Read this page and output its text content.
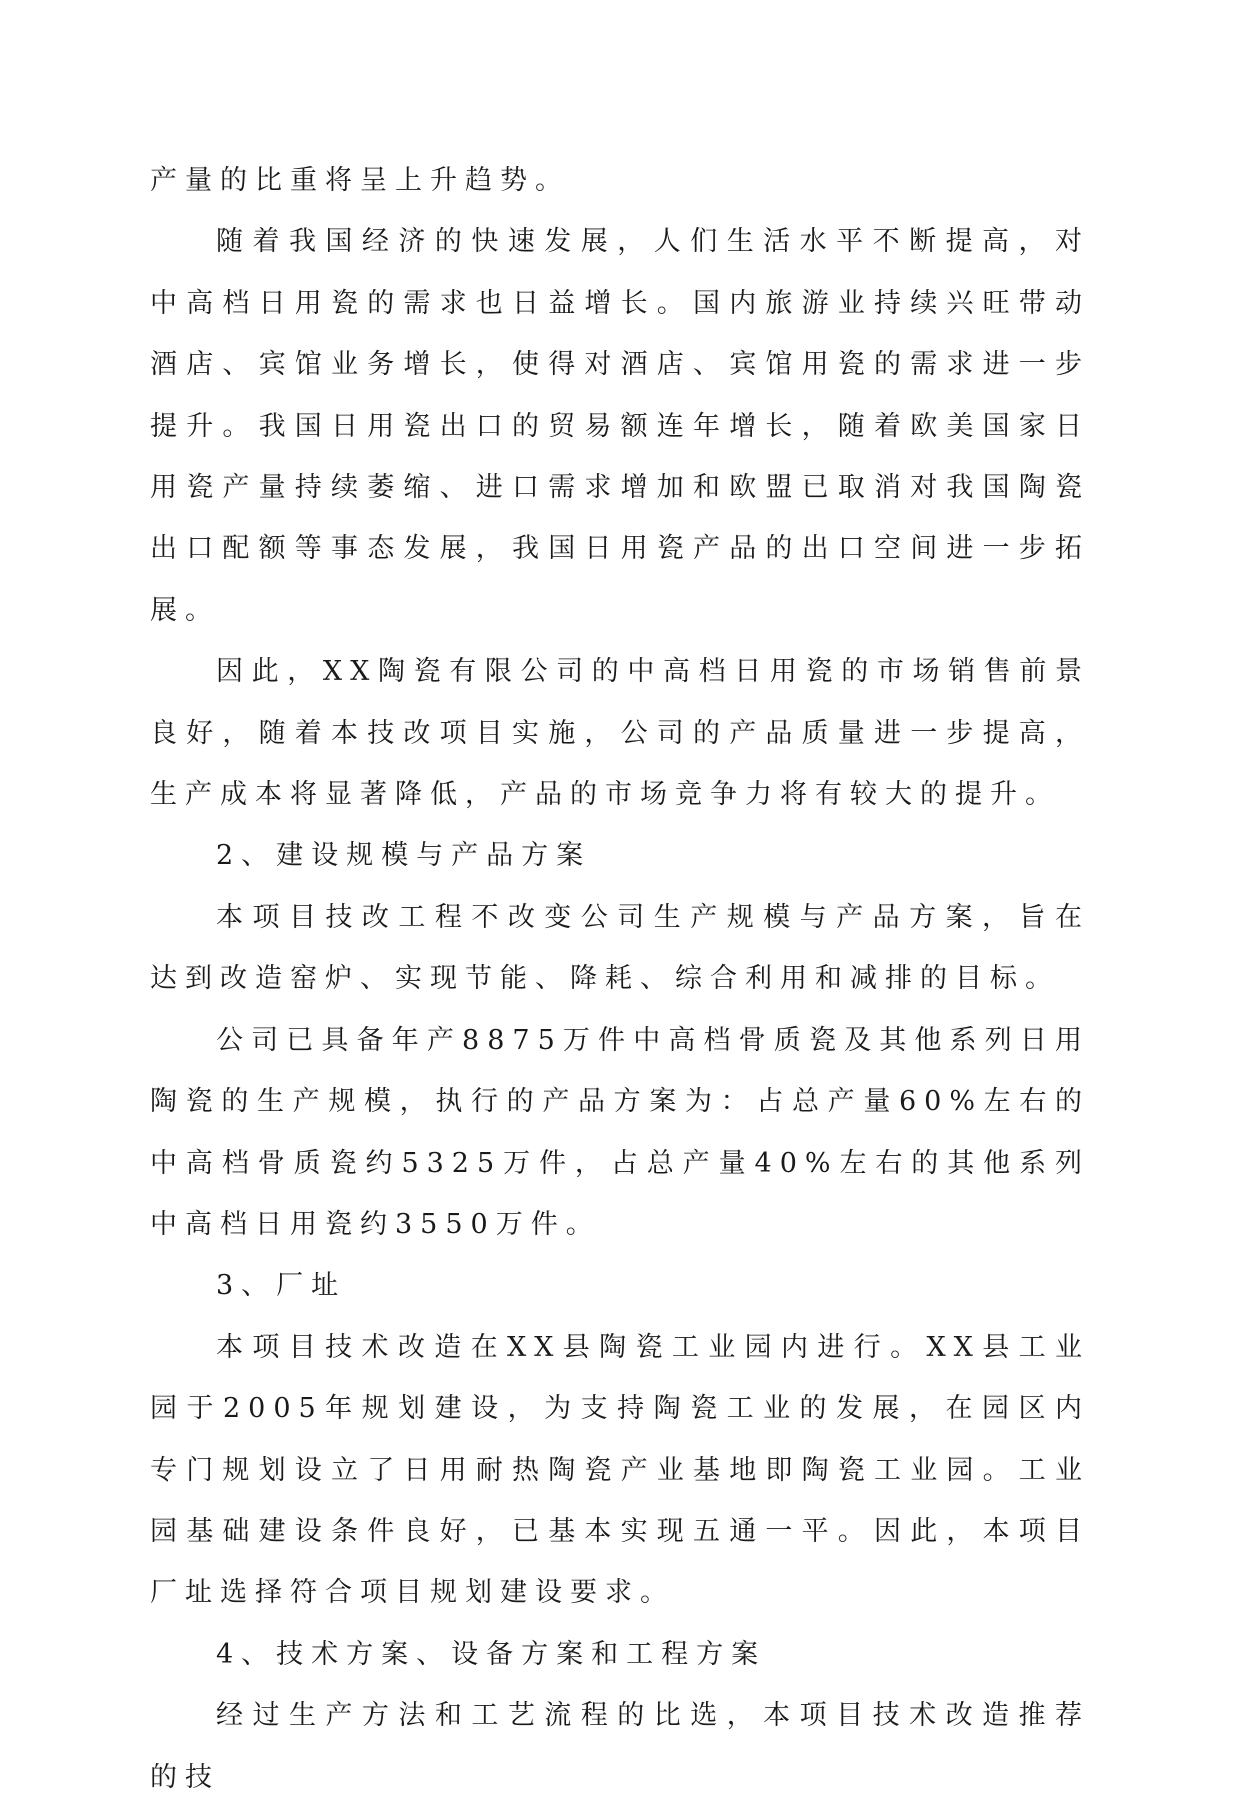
产量的比重将呈上升趋势。

随着我国经济的快速发展，人们生活水平不断提高，对中高档日用瓷的需求也日益增长。国内旅游业持续兴旺带动酒店、宾馆业务增长，使得对酒店、宾馆用瓷的需求进一步提升。我国日用瓷出口的贸易额连年增长，随着欧美国家日用瓷产量持续萎缩、进口需求增加和欧盟已取消对我国陶瓷出口配额等事态发展，我国日用瓷产品的出口空间进一步拓展。

因此，XX陶瓷有限公司的中高档日用瓷的市场销售前景良好，随着本技改项目实施，公司的产品质量进一步提高，生产成本将显著降低，产品的市场竞争力将有较大的提升。

2、建设规模与产品方案

本项目技改工程不改变公司生产规模与产品方案，旨在达到改造窑炉、实现节能、降耗、综合利用和减排的目标。

公司已具备年产8875万件中高档骨质瓷及其他系列日用陶瓷的生产规模，执行的产品方案为：占总产量60%左右的中高档骨质瓷约5325万件，占总产量40%左右的其他系列中高档日用瓷约3550万件。

3、厂址

本项目技术改造在XX县陶瓷工业园内进行。XX县工业园于2005年规划建设，为支持陶瓷工业的发展，在园区内专门规划设立了日用耐热陶瓷产业基地即陶瓷工业园。工业园基础建设条件良好，已基本实现五通一平。因此，本项目厂址选择符合项目规划建设要求。

4、技术方案、设备方案和工程方案

经过生产方法和工艺流程的比选，本项目技术改造推荐的技
